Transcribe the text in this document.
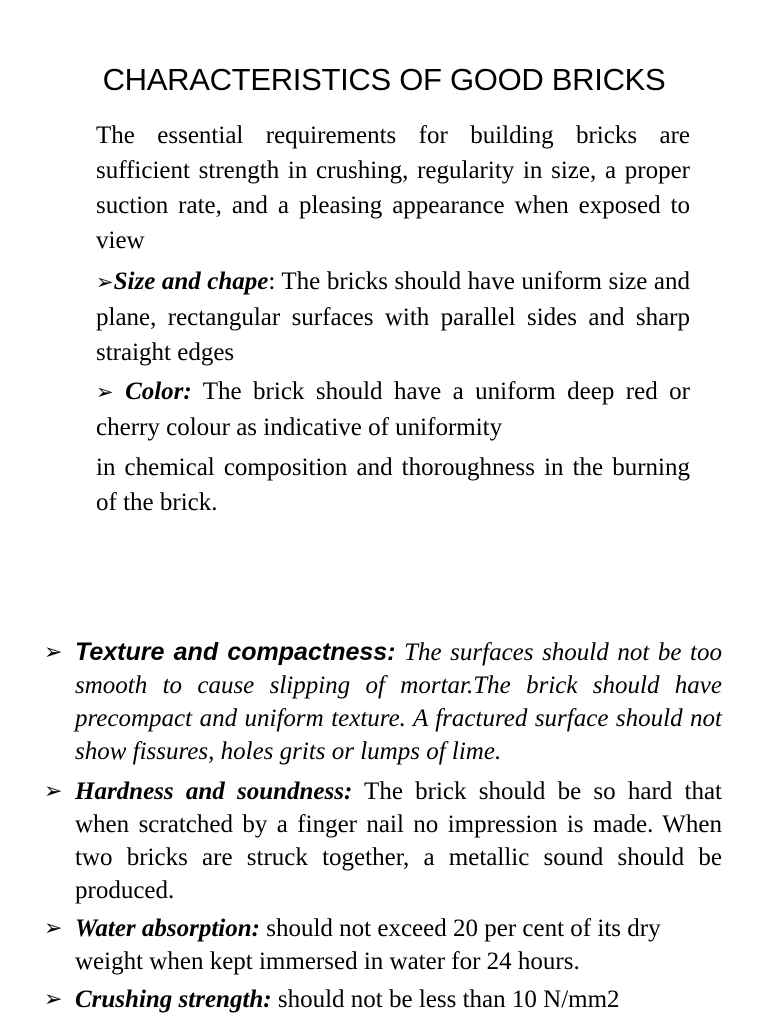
CHARACTERISTICS OF GOOD BRICKS
The essential requirements for building bricks are sufficient strength in crushing, regularity in size, a proper suction rate, and a pleasing appearance when exposed to view
➢Size and chape: The bricks should have uniform size and plane, rectangular surfaces with parallel sides and sharp straight edges
➢ Color: The brick should have a uniform deep red or cherry colour as indicative of uniformity
in chemical composition and thoroughness in the burning of the brick.
➢ Texture and compactness: The surfaces should not be too smooth to cause slipping of mortar.The brick should have precompact and uniform texture. A fractured surface should not show fissures, holes grits or lumps of lime.
➢ Hardness and soundness: The brick should be so hard that when scratched by a finger nail no impression is made. When two bricks are struck together, a metallic sound should be produced.
➢ Water absorption: should not exceed 20 per cent of its dry weight when kept immersed in water for 24 hours.
➢ Crushing strength: should not be less than 10 N/mm2
